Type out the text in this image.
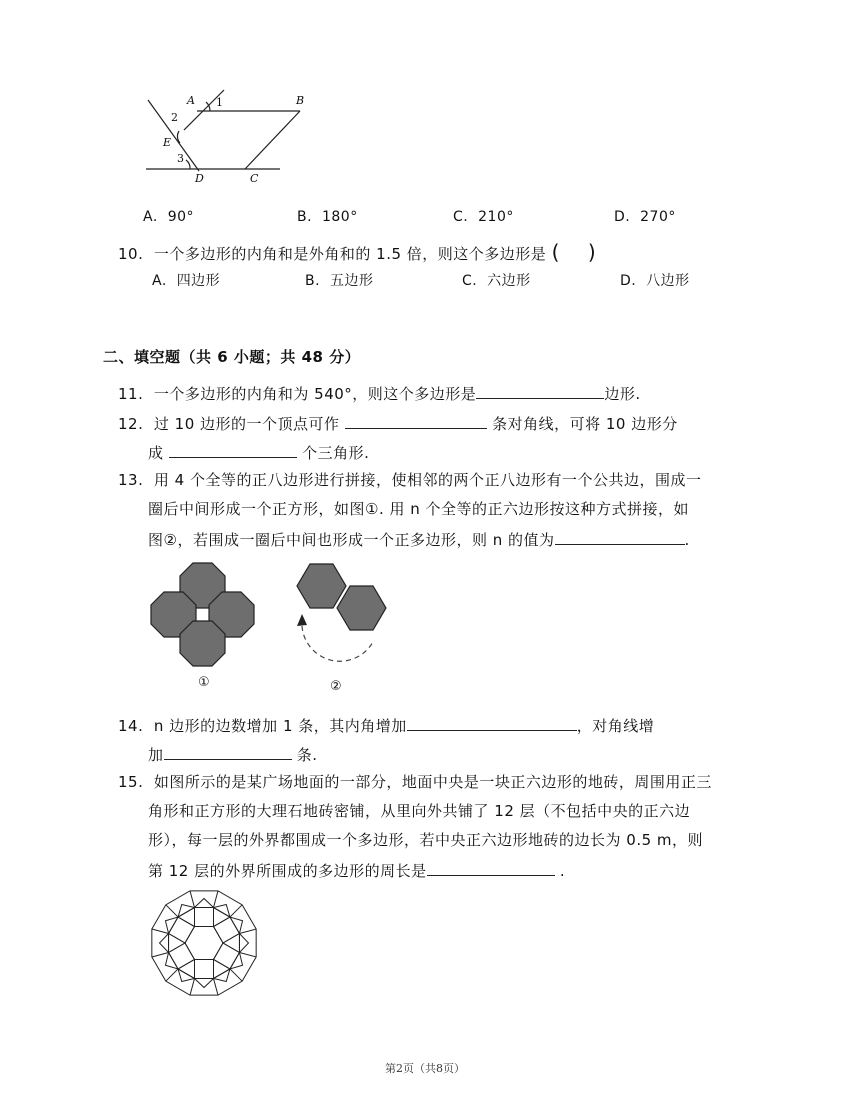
A 1	B
2
E
3
D	C
A. 90°	B. 180°	C. 210°	D. 270°
10. 一个多边形的内角和是外角和的 1.5 倍，则这个多边形是 ( )
A. 四边形	B. 五边形	C. 六边形	D. 八边形
二、填空题（共 6 小题；共 48 分）
11. 一个多边形的内角和为 540°，则这个多边形是	边形.
12. 过 10 边形的一个顶点可作	条对角线，可将 10 边形分
成	个三角形.
13. 用 4 个全等的正八边形进行拼接，使相邻的两个正八边形有一个公共边，围成一
圈后中间形成一个正方形，如图①. 用 n 个全等的正六边形按这种方式拼接，如
图②，若围成一圈后中间也形成一个正多边形，则 n 的值为	.
①	②
14. n 边形的边数增加 1 条，其内角增加	，对角线增
加	条.
15. 如图所示的是某广场地面的一部分，地面中央是一块正六边形的地砖，周围用正三
角形和正方形的大理石地砖密铺，从里向外共铺了 12 层（不包括中央的正六边
形），每一层的外界都围成一个多边形，若中央正六边形地砖的边长为 0.5 m，则
第 12 层的外界所围成的多边形的周长是	.
第2页（共8页）
